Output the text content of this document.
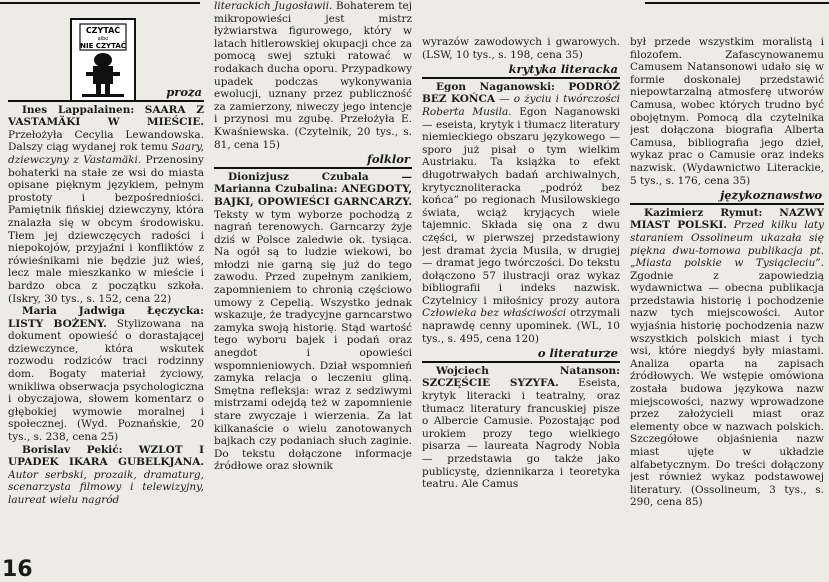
CZYTAĆ
albo
NIE CZYTAĆ
proza

Ines Lappalainen: SAARA Z VASTAMÄKI W MIEŚCIE. Przełożyła Cecylia Lewandowska. Dalszy ciąg wydanej rok temu Saary, dziewczyny z Vastamäki. Przenosiny bohaterki na stałe ze wsi do miasta opisane pięknym językiem, pełnym prostoty i bezpośredniości. Pamiętnik fińskiej dziewczyny, która znalazła się w obcym środowisku. Tłem jej dziewczęcych radości i niepokojów, przyjaźni i konfliktów z rówieśnikami nie będzie już wieś, lecz male mieszkanko w mieście i bardzo obca z początku szkoła. (Iskry, 30 tys., s. 152, cena 22)

Maria Jadwiga Łęczycka: LISTY BOŻENY. Stylizowana na dokument opowieść o dorastającej dziewczynce, która wskutek rozwodu rodziców traci rodzinny dom. Bogaty materiał życiowy, wnikliwa obserwacja psychologiczna i obyczajowa, słowem komentarz o głębokiej wymowie moralnej i społecznej. (Wyd. Poznańskie, 20 tys., s. 238, cena 25)

Borislav Pekić: WZLOT I UPADEK IKARA GUBELKJANA. Autor serbski, prozaik, dramaturg, scenarzysta filmowy i telewizyjny, laureat wielu nagród

16

literackich Jugosławii. Bohaterem tej mikropowieści jest mistrz łyżwiarstwa figurowego, który w latach hitlerowskiej okupacji chce za pomocą swej sztuki ratować w rodakach ducha oporu. Przypadkowy upadek podczas wykonywania ewolucji, uznany przez publiczność za zamierzony, niweczy jego intencje i przynosi mu zgubę. Przełożyła E. Kwaśniewska. (Czytelnik, 20 tys., s. 81, cena 15)

folklor

Dionizjusz Czubala — Marianna Czubalina: ANEGDOTY, BAJKI, OPOWIEŚCI GARNCARZY. Teksty w tym wyborze pochodzą z nagrań terenowych. Garncarzy żyje dziś w Polsce zaledwie ok. tysiąca. Na ogół są to ludzie wiekowi, bo młodzi nie garną się już do tego zawodu. Przed zupełnym zanikiem, zapomnieniem to chronią częściowo umowy z Cepelią. Wszystko jednak wskazuje, że tradycyjne garncarstwo zamyka swoją historię. Stąd wartość tego wyboru bajek i podań oraz anegdot i opowieści wspomnieniowych. Dział wspomnień zamyka relacja o leczeniu gliną. Smętna refleksja: wraz z sedziwymi mistrzami odejdą też w zapomnienie stare zwyczaje i wierzenia. Za lat kilkanaście o wielu zanotowanych bajkach czy podaniach słuch zaginie. Do tekstu dołączone informacje źródłowe oraz słownik

wyrazów zawodowych i gwarowych. (LSW, 10 tys., s. 198, cena 35)

krytyka literacka

Egon Naganowski: PODRÓŻ BEZ KOŃCA — o życiu i twórczości Roberta Musila. Egon Naganowski — eseista, krytyk i tłumacz literatury niemieckiego obszaru językowego — sporo już pisał o tym wielkim Austriaku. Ta książka to efekt długotrwałych badań archiwalnych, krytycznoliteracka „podróż bez końca” po regionach Musilowskiego świata, wciąż kryjących wiele tajemnic. Składa się ona z dwu części, w pierwszej przedstawiony jest dramat życia Musila, w drugiej — dramat jego twórczości. Do tekstu dołączono 57 ilustracji oraz wykaz bibliografii i indeks nazwisk. Czytelnicy i miłośnicy prozy autora Człowieka bez właściwości otrzymali naprawdę cenny upominek. (WL, 10 tys., s. 495, cena 120)

o literaturze

Wojciech Natanson: SZCZĘŚCIE SYZYFA. Eseista, krytyk literacki i teatralny, oraz tłumacz literatury francuskiej pisze o Albercie Camusie. Pozostając pod urokiem prozy tego wielkiego pisarza — laureata Nagrody Nobla — przedstawia go także jako publicystę, dziennikarza i teoretyka teatru. Ale Camus

był przede wszystkim moralistą i filozofem. Zafascynowanemu Camusem Natansonowi udało się w formie doskonalej przedstawić niepowtarzalną atmosferę utworów Camusa, wobec których trudno być obojętnym. Pomocą dla czytelnika jest dołączona biografia Alberta Camusa, bibliografia jego dzieł, wykaz prac o Camusie oraz indeks nazwisk. (Wydawnictwo Literackie, 5 tys., s. 176, cena 35)

językoznawstwo

Kazimierz Rymut: NAZWY MIAST POLSKI. Przed kilku laty staraniem Ossolineum ukazała się piękna dwu-tomowa publikacja pt. „Miasta polskie w Tysiącleciu”. Zgodnie z zapowiedzią wydawnictwa — obecna publikacja przedstawia historię i pochodzenie nazw tych miejscowości. Autor wyjaśnia historię pochodzenia nazw wszystkich polskich miast i tych wsi, które niegdyś były miastami. Analiza oparta na zapisach źródłowych. We wstępie omówiona została budowa językowa nazw miejscowości, nazwy wprowadzone przez założycieli miast oraz elementy obce w nazwach polskich. Szczegółowe objaśnienia nazw miast ujęte w układzie alfabetycznym. Do treści dołączony jest również wykaz podstawowej literatury. (Ossolineum, 3 tys., s. 290, cena 85)
